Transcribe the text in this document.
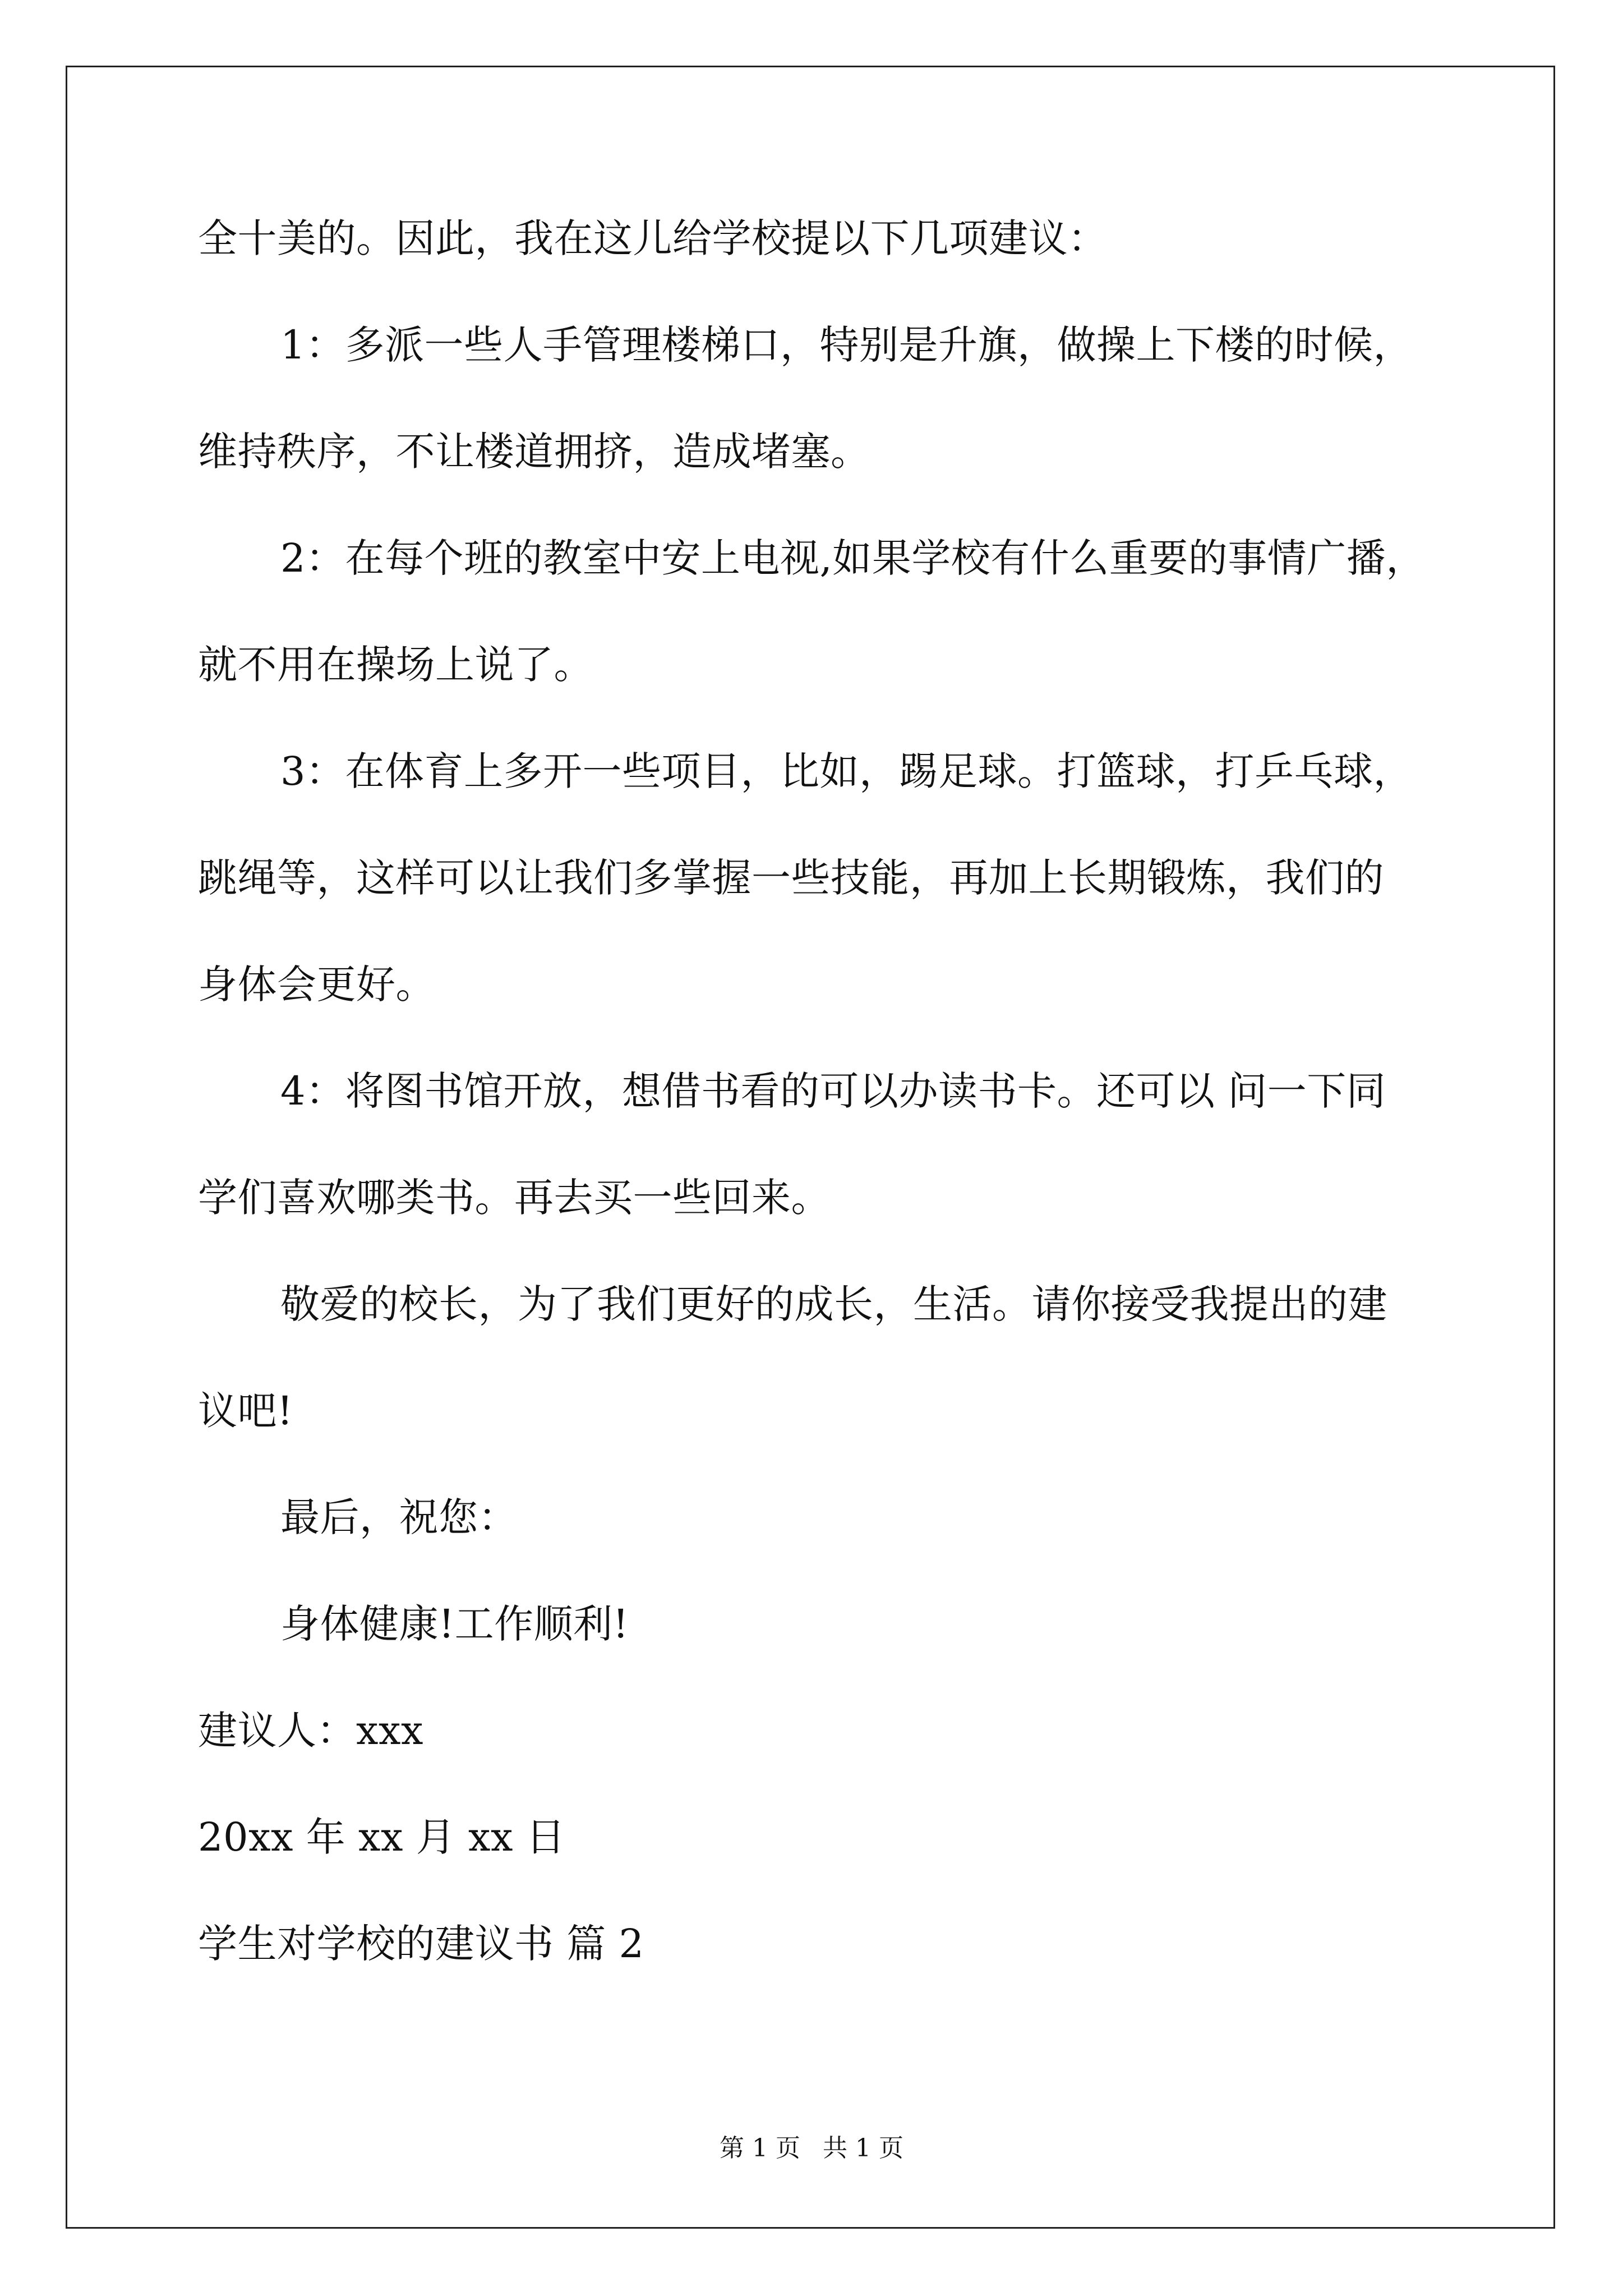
全十美的。因此，我在这儿给学校提以下几项建议：
1：多派一些人手管理楼梯口，特别是升旗，做操上下楼的时候，
维持秩序，不让楼道拥挤，造成堵塞。
2：在每个班的教室中安上电视,如果学校有什么重要的事情广播，
就不用在操场上说了。
3：在体育上多开一些项目，比如，踢足球。打篮球，打乒乓球，
跳绳等，这样可以让我们多掌握一些技能，再加上长期锻炼，我们的
身体会更好。
4：将图书馆开放，想借书看的可以办读书卡。还可以 问一下同
学们喜欢哪类书。再去买一些回来。
敬爱的校长，为了我们更好的成长，生活。请你接受我提出的建
议吧!
最后，祝您：
身体健康!工作顺利!
建议人：xxx
20xx 年 xx 月 xx 日
学生对学校的建议书 篇 2
第 1 页 共 1 页
